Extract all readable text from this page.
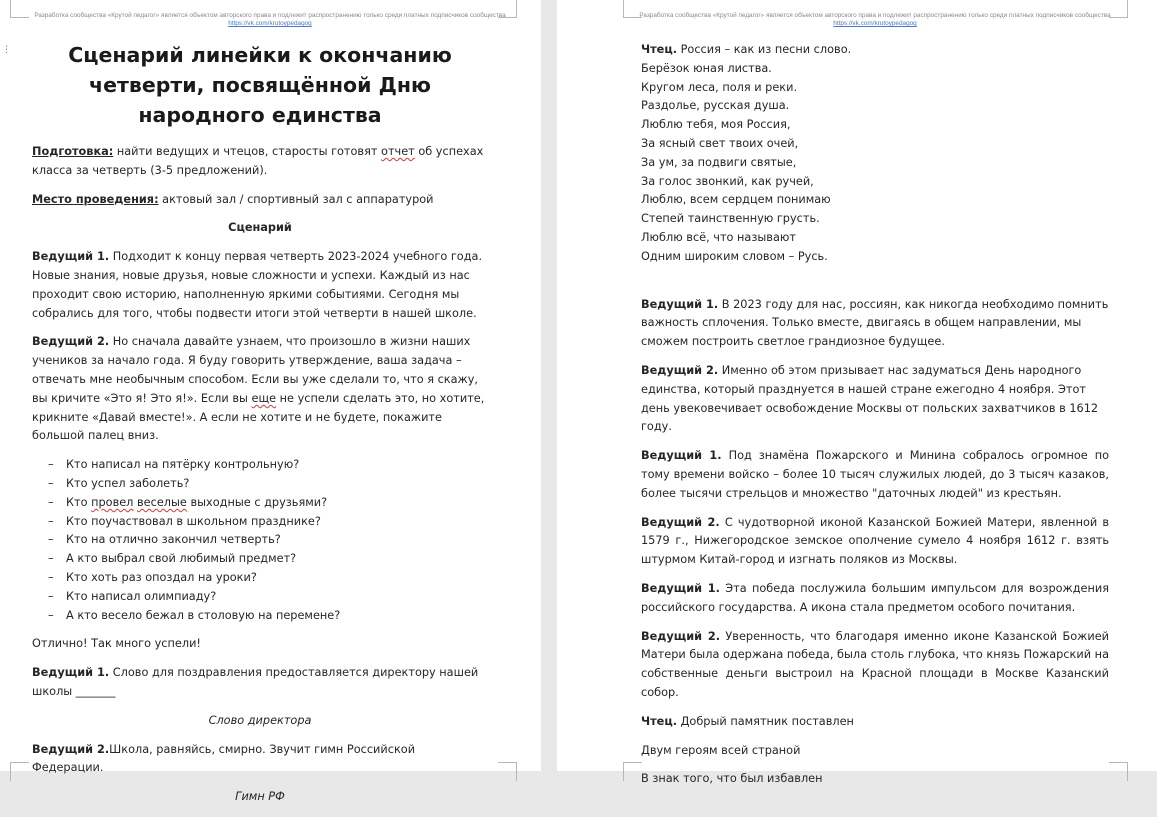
⋮
Разработка сообщества «Крутой педагог» является объектом авторского права и подлежит распространению только среди платных подписчиков сообщества
https://vk.com/krutoypedagog
Сценарий линейки к окончанию четверти, посвящённой Дню народного единства

Подготовка: найти ведущих и чтецов, старосты готовят отчет об успехах класса за четверть (3-5 предложений).

Место проведения: актовый зал / спортивный зал с аппаратурой

Сценарий

Ведущий 1. Подходит к концу первая четверть 2023-2024 учебного года. Новые знания, новые друзья, новые сложности и успехи. Каждый из нас проходит свою историю, наполненную яркими событиями. Сегодня мы собрались для того, чтобы подвести итоги этой четверти в нашей школе.

Ведущий 2. Но сначала давайте узнаем, что произошло в жизни наших учеников за начало года. Я буду говорить утверждение, ваша задача – отвечать мне необычным способом. Если вы уже сделали то, что я скажу, вы кричите «Это я! Это я!». Если вы еще не успели сделать это, но хотите, крикните «Давай вместе!». А если не хотите и не будете, покажите большой палец вниз.

– Кто написал на пятёрку контрольную?
– Кто успел заболеть?
– Кто провел веселые выходные с друзьями?
– Кто поучаствовал в школьном празднике?
– Кто на отлично закончил четверть?
– А кто выбрал свой любимый предмет?
– Кто хоть раз опоздал на уроки?
– Кто написал олимпиаду?
– А кто весело бежал в столовую на перемене?

Отлично! Так много успели!

Ведущий 1. Слово для поздравления предоставляется директору нашей школы _______

Слово директора

Ведущий 2.Школа, равняйсь, смирно. Звучит гимн Российской Федерации.

Гимн РФ

Разработка сообщества «Крутой педагог» является объектом авторского права и подлежит распространению только среди платных подписчиков сообщества
https://vk.com/krutoypedagog
Чтец. Россия – как из песни слово.
Берёзок юная листва.
Кругом леса, поля и реки.
Раздолье, русская душа.
Люблю тебя, моя Россия,
За ясный свет твоих очей,
За ум, за подвиги святые,
За голос звонкий, как ручей,
Люблю, всем сердцем понимаю
Степей таинственную грусть.
Люблю всё, что называют
Одним широким словом – Русь.

Ведущий 1. В 2023 году для нас, россиян, как никогда необходимо помнить важность сплочения. Только вместе, двигаясь в общем направлении, мы сможем построить светлое грандиозное будущее.

Ведущий 2. Именно об этом призывает нас задуматься День народного единства, который празднуется в нашей стране ежегодно 4 ноября. Этот день увековечивает освобождение Москвы от польских захватчиков в 1612 году.

Ведущий 1. Под знамёна Пожарского и Минина собралось огромное по тому времени войско – более 10 тысяч служилых людей, до 3 тысяч казаков, более тысячи стрельцов и множество "даточных людей" из крестьян.

Ведущий 2. С чудотворной иконой Казанской Божией Матери, явленной в 1579 г., Нижегородское земское ополчение сумело 4 ноября 1612 г. взять штурмом Китай-город и изгнать поляков из Москвы.

Ведущий 1. Эта победа послужила большим импульсом для возрождения российского государства. А икона стала предметом особого почитания.

Ведущий 2. Уверенность, что благодаря именно иконе Казанской Божией Матери была одержана победа, была столь глубока, что князь Пожарский на собственные деньги выстроил на Красной площади в Москве Казанский собор.

Чтец. Добрый памятник поставлен

Двум героям всей страной

В знак того, что был избавлен
